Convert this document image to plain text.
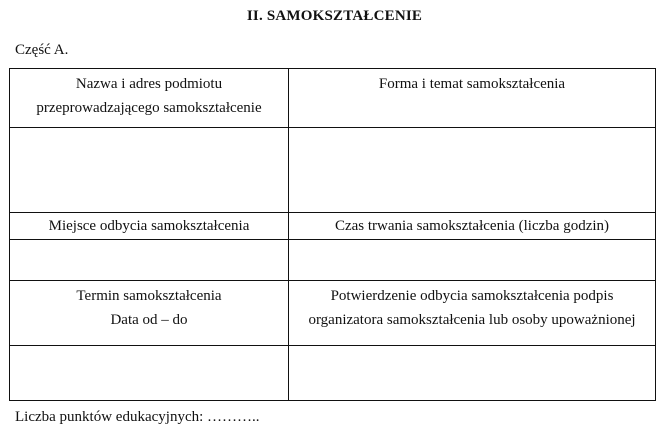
II. SAMOKSZTAŁCENIE
Część A.
Nazwa i adres podmiotu
przeprowadzającego samokształcenie	Forma i temat samokształcenia

Miejsce odbycia samokształcenia	Czas trwania samokształcenia (liczba godzin)

Termin samokształcenia
Data od – do	Potwierdzenie odbycia samokształcenia podpis
organizatora samokształcenia lub osoby upoważnionej

Liczba punktów edukacyjnych: ………..
